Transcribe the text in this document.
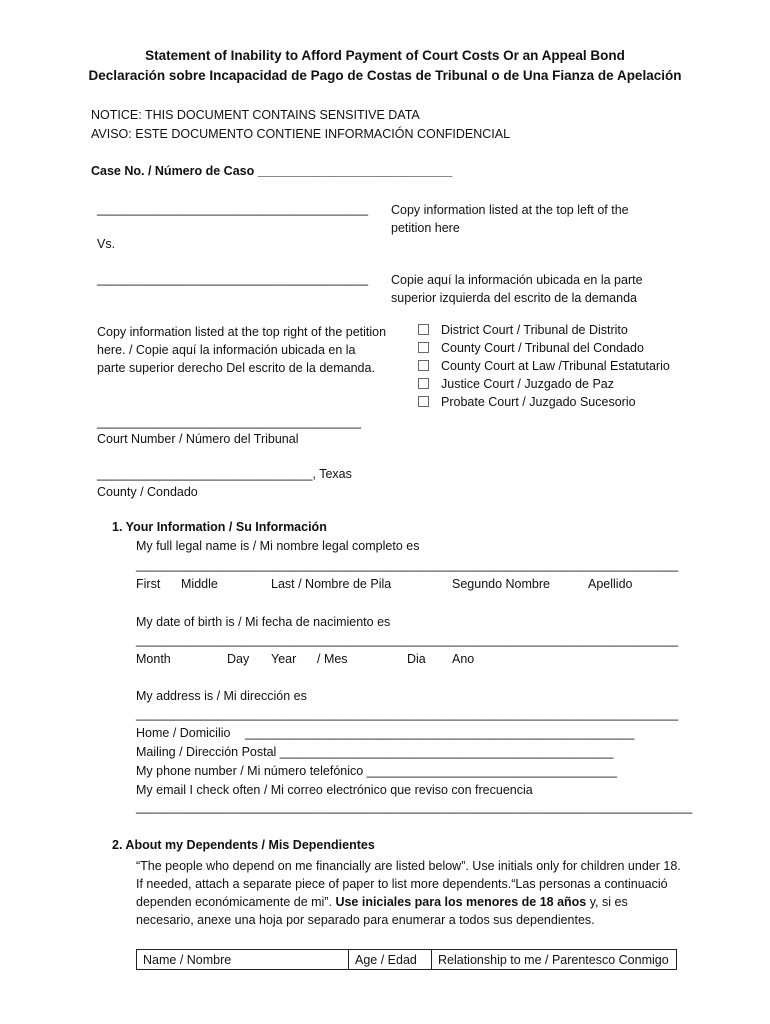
Statement of Inability to Afford Payment of Court Costs Or an Appeal Bond
Declaración sobre Incapacidad de Pago de Costas de Tribunal o de Una Fianza de Apelación
NOTICE: THIS DOCUMENT CONTAINS SENSITIVE DATA
AVISO: ESTE DOCUMENTO CONTIENE INFORMACIÓN CONFIDENCIAL
Case No. / Número de Caso ____________________________
_______________________________________ Copy information listed at the top left of the petition here
Vs.
_______________________________________ Copie aquí la información ubicada en la parte superior izquierda del escrito de la demanda
Copy information listed at the top right of the petition here. / Copie aquí la información ubicada en la parte superior derecho Del escrito de la demanda.
District Court / Tribunal de Distrito
County Court / Tribunal del Condado
County Court at Law /Tribunal Estatutario
Justice Court / Juzgado de Paz
Probate Court / Juzgado Sucesorio
______________________________________
Court Number / Número del Tribunal
_______________________________, Texas
County / Condado
1. Your Information / Su Información
My full legal name is / Mi nombre legal completo es
______________________________________________________________________________
First Middle	Last / Nombre de Pila	Segundo Nombre	Apellido
My date of birth is / Mi fecha de nacimiento es
______________________________________________________________________________
Month	Day Year / Mes	Dia Ano
My address is / Mi dirección es
______________________________________________________________________________
Home / Domicilio ________________________________________________________
Mailing / Dirección Postal ________________________________________________
My phone number / Mi número telefónico ____________________________________
My email I check often / Mi correo electrónico que reviso con frecuencia
________________________________________________________________________________
2. About my Dependents / Mis Dependientes
“The people who depend on me financially are listed below”. Use initials only for children under 18. If needed, attach a separate piece of paper to list more dependents.“Las personas a continuació dependen económicamente de mi”. Use iniciales para los menores de 18 años y, si es necesario, anexe una hoja por separado para enumerar a todos sus dependientes.
Name / Nombre	Age / Edad	Relationship to me / Parentesco Conmigo
